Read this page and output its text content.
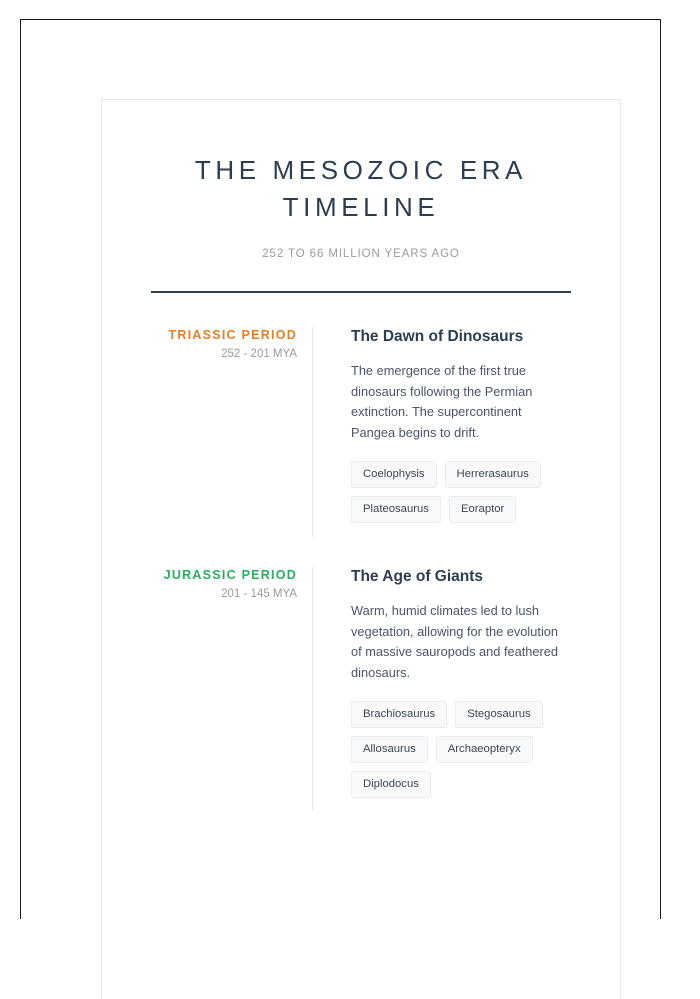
THE MESOZOIC ERA TIMELINE

252 TO 66 MILLION YEARS AGO

TRIASSIC PERIOD

252 - 201 MYA

The Dawn of Dinosaurs

The emergence of the first true dinosaurs following the Permian extinction. The supercontinent Pangea begins to drift.

Coelophysis	Herrerasaurus
Plateosaurus	Eoraptor

JURASSIC PERIOD

201 - 145 MYA

The Age of Giants

Warm, humid climates led to lush vegetation, allowing for the evolution of massive sauropods and feathered dinosaurs.

Brachiosaurus	Stegosaurus
Allosaurus	Archaeopteryx
Diplodocus
